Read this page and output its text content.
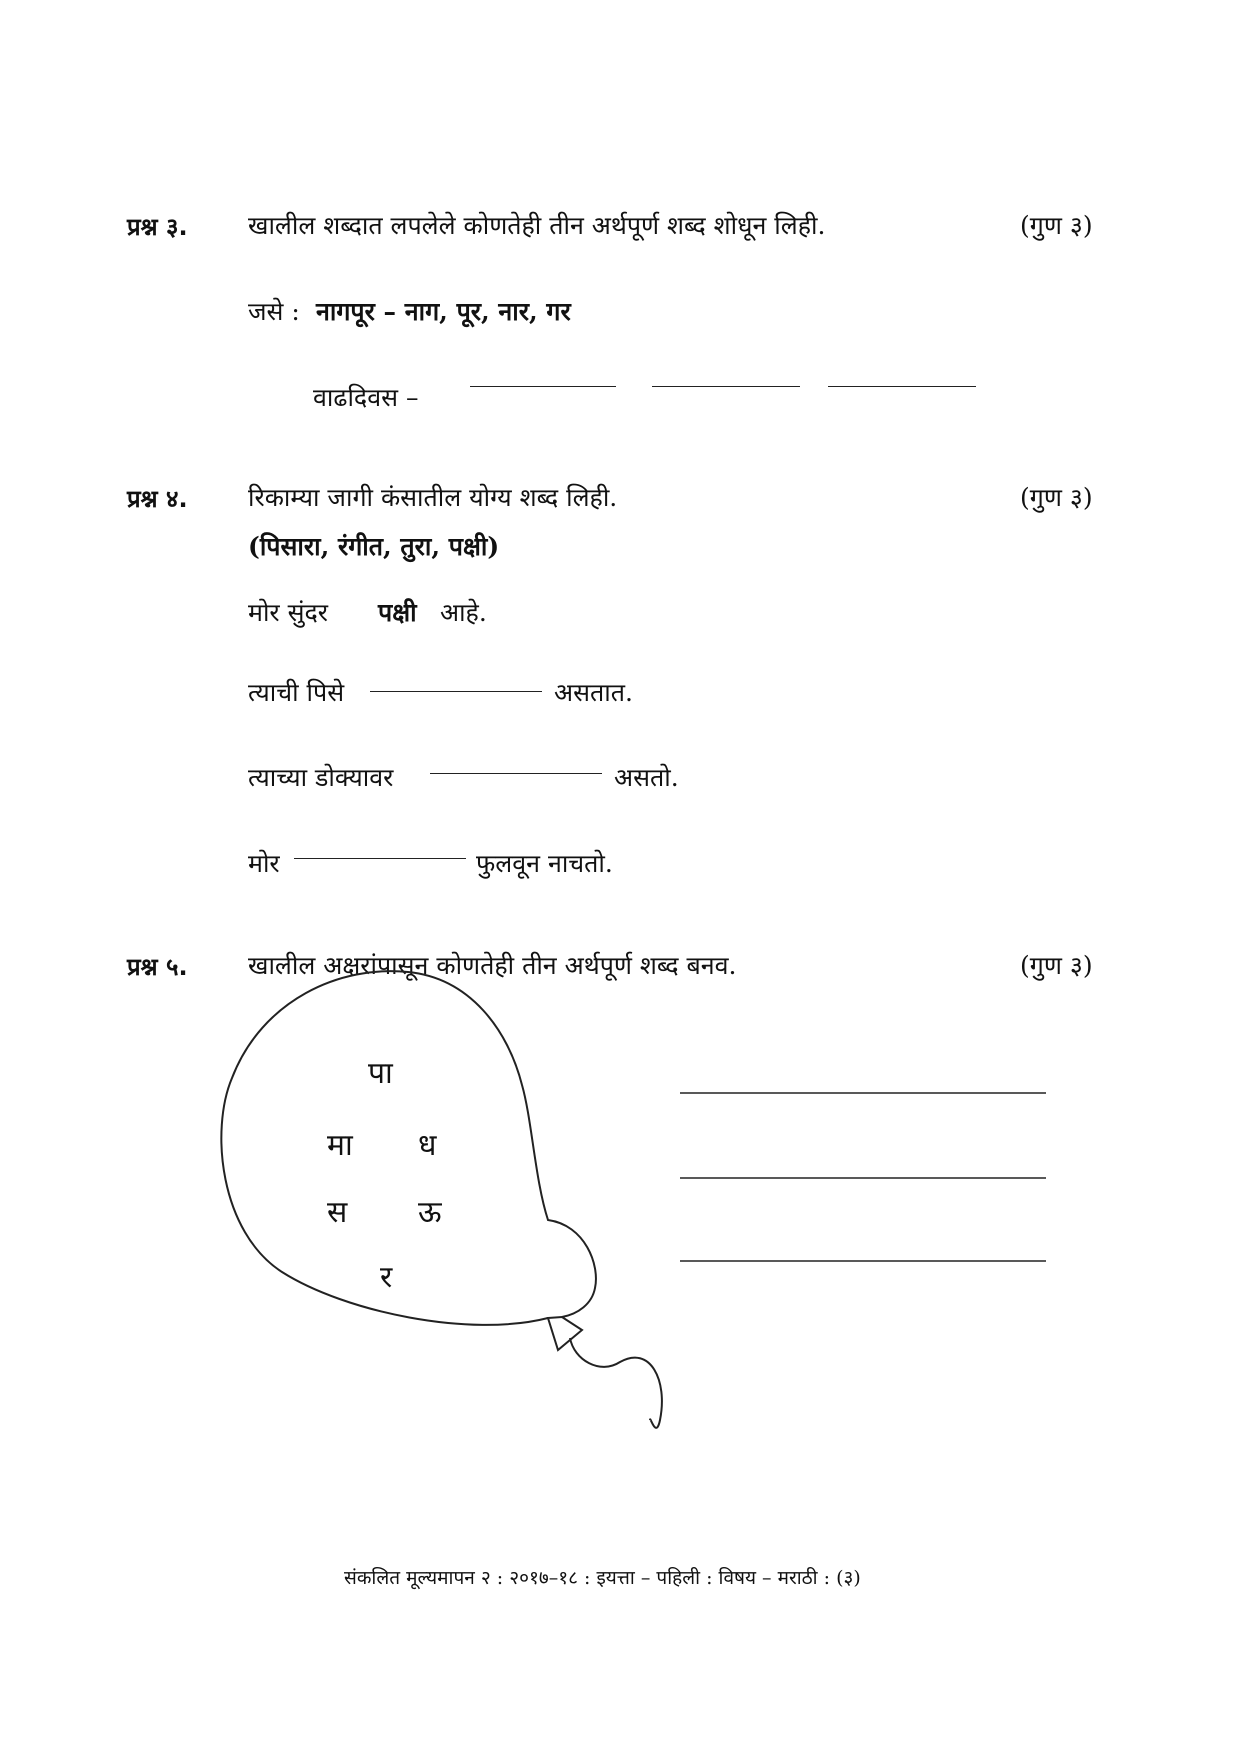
प्रश्न ३. खालील शब्दात लपलेले कोणतेही तीन अर्थपूर्ण शब्द शोधून लिही.	(गुण ३)
जसे : नागपूर – नाग, पूर, नार, गर
वाढदिवस –
प्रश्न ४. रिकाम्या जागी कंसातील योग्य शब्द लिही.	(गुण ३)
(पिसारा, रंगीत, तुरा, पक्षी)
मोर सुंदर पक्षी आहे.
त्याची पिसे	असतात.
त्याच्या डोक्यावर	असतो.
मोर	फुलवून नाचतो.
प्रश्न ५. खालील अक्षरांपासून कोणतेही तीन अर्थपूर्ण शब्द बनव.	(गुण ३)
पा
मा ध
स ऊ
र
संकलित मूल्यमापन २ : २०१७–१८ : इयत्ता – पहिली : विषय – मराठी : (३)
